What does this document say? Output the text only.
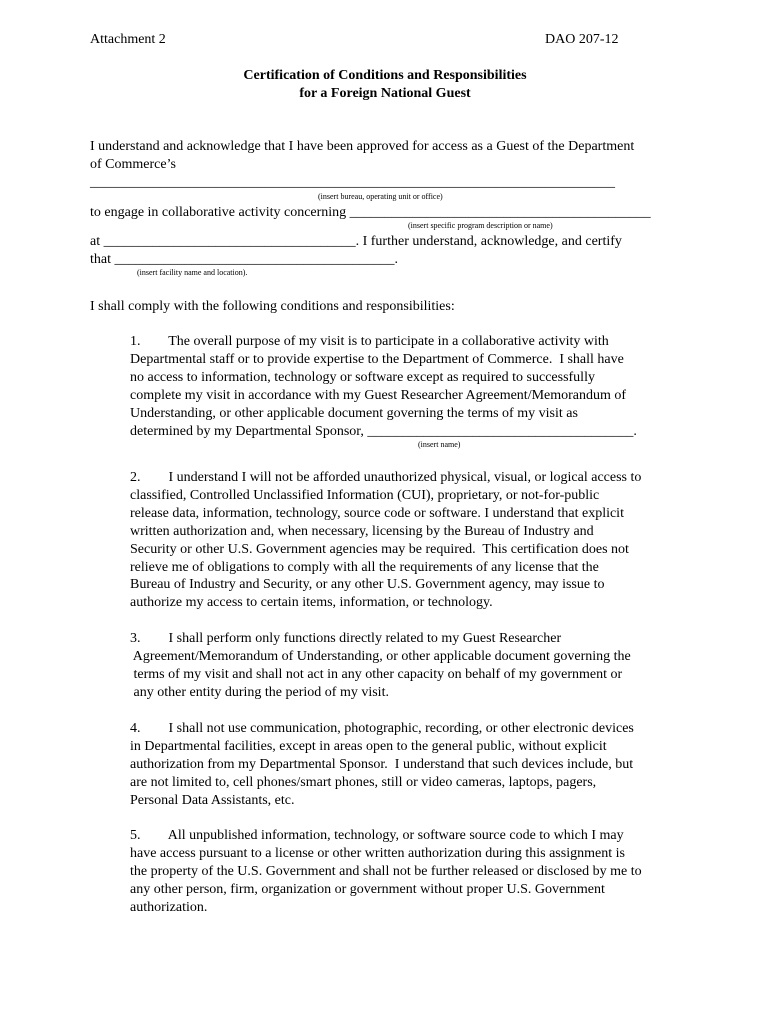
Attachment 2	DAO 207-12
Certification of Conditions and Responsibilities
for a Foreign National Guest
I understand and acknowledge that I have been approved for access as a Guest of the Department
of Commerce’s
___________________________________________________________________________
(insert bureau, operating unit or office)
to engage in collaborative activity concerning ___________________________________________
(insert specific program description or name)
at ____________________________________. I further understand, acknowledge, and certify
that ________________________________________.
(insert facility name and location).
I shall comply with the following conditions and responsibilities:
1.        The overall purpose of my visit is to participate in a collaborative activity with
Departmental staff or to provide expertise to the Department of Commerce.  I shall have
no access to information, technology or software except as required to successfully
complete my visit in accordance with my Guest Researcher Agreement/Memorandum of
Understanding, or other applicable document governing the terms of my visit as
determined by my Departmental Sponsor, ______________________________________.
(insert name)
2.        I understand I will not be afforded unauthorized physical, visual, or logical access to
classified, Controlled Unclassified Information (CUI), proprietary, or not-for-public
release data, information, technology, source code or software. I understand that explicit
written authorization and, when necessary, licensing by the Bureau of Industry and
Security or other U.S. Government agencies may be required.  This certification does not
relieve me of obligations to comply with all the requirements of any license that the
Bureau of Industry and Security, or any other U.S. Government agency, may issue to
authorize my access to certain items, information, or technology.
3.        I shall perform only functions directly related to my Guest Researcher
Agreement/Memorandum of Understanding, or other applicable document governing the
terms of my visit and shall not act in any other capacity on behalf of my government or
any other entity during the period of my visit.
4.        I shall not use communication, photographic, recording, or other electronic devices
in Departmental facilities, except in areas open to the general public, without explicit
authorization from my Departmental Sponsor.  I understand that such devices include, but
are not limited to, cell phones/smart phones, still or video cameras, laptops, pagers,
Personal Data Assistants, etc.
5.        All unpublished information, technology, or software source code to which I may
have access pursuant to a license or other written authorization during this assignment is
the property of the U.S. Government and shall not be further released or disclosed by me to
any other person, firm, organization or government without proper U.S. Government
authorization.
